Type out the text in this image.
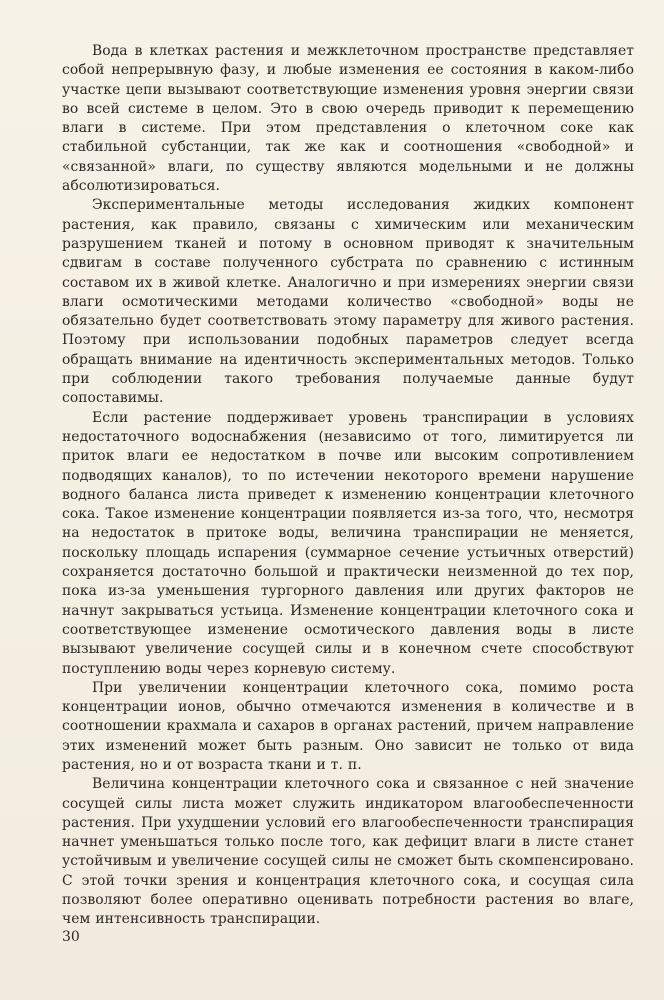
Вода в клетках растения и межклеточном пространстве представляет собой непрерывную фазу, и любые изменения ее состояния в каком-либо участке цепи вызывают соответствующие изменения уровня энергии связи во всей системе в целом. Это в свою очередь приводит к перемещению влаги в системе. При этом представления о клеточном соке как стабильной субстанции, так же как и соотношения «свободной» и «связанной» влаги, по существу являются модельными и не должны абсолютизироваться.

Экспериментальные методы исследования жидких компонент растения, как правило, связаны с химическим или механическим разрушением тканей и потому в основном приводят к значительным сдвигам в составе полученного субстрата по сравнению с истинным составом их в живой клетке. Аналогично и при измерениях энергии связи влаги осмотическими методами количество «свободной» воды не обязательно будет соответствовать этому параметру для живого растения. Поэтому при использовании подобных параметров следует всегда обращать внимание на идентичность экспериментальных методов. Только при соблюдении такого требования получаемые данные будут сопоставимы.

Если растение поддерживает уровень транспирации в условиях недостаточного водоснабжения (независимо от того, лимитируется ли приток влаги ее недостатком в почве или высоким сопротивлением подводящих каналов), то по истечении некоторого времени нарушение водного баланса листа приведет к изменению концентрации клеточного сока. Такое изменение концентрации появляется из-за того, что, несмотря на недостаток в притоке воды, величина транспирации не меняется, поскольку площадь испарения (суммарное сечение устьичных отверстий) сохраняется достаточно большой и практически неизменной до тех пор, пока из-за уменьшения тургорного давления или других факторов не начнут закрываться устьица. Изменение концентрации клеточного сока и соответствующее изменение осмотического давления воды в листе вызывают увеличение сосущей силы и в конечном счете способствуют поступлению воды через корневую систему.

При увеличении концентрации клеточного сока, помимо роста концентрации ионов, обычно отмечаются изменения в количестве и в соотношении крахмала и сахаров в органах растений, причем направление этих изменений может быть разным. Оно зависит не только от вида растения, но и от возраста ткани и т. п.

Величина концентрации клеточного сока и связанное с ней значение сосущей силы листа может служить индикатором влагообеспеченности растения. При ухудшении условий его влагообеспеченности транспирация начнет уменьшаться только после того, как дефицит влаги в листе станет устойчивым и увеличение сосущей силы не сможет быть скомпенсировано. С этой точки зрения и концентрация клеточного сока, и сосущая сила позволяют более оперативно оценивать потребности растения во влаге, чем интенсивность транспирации.

30
